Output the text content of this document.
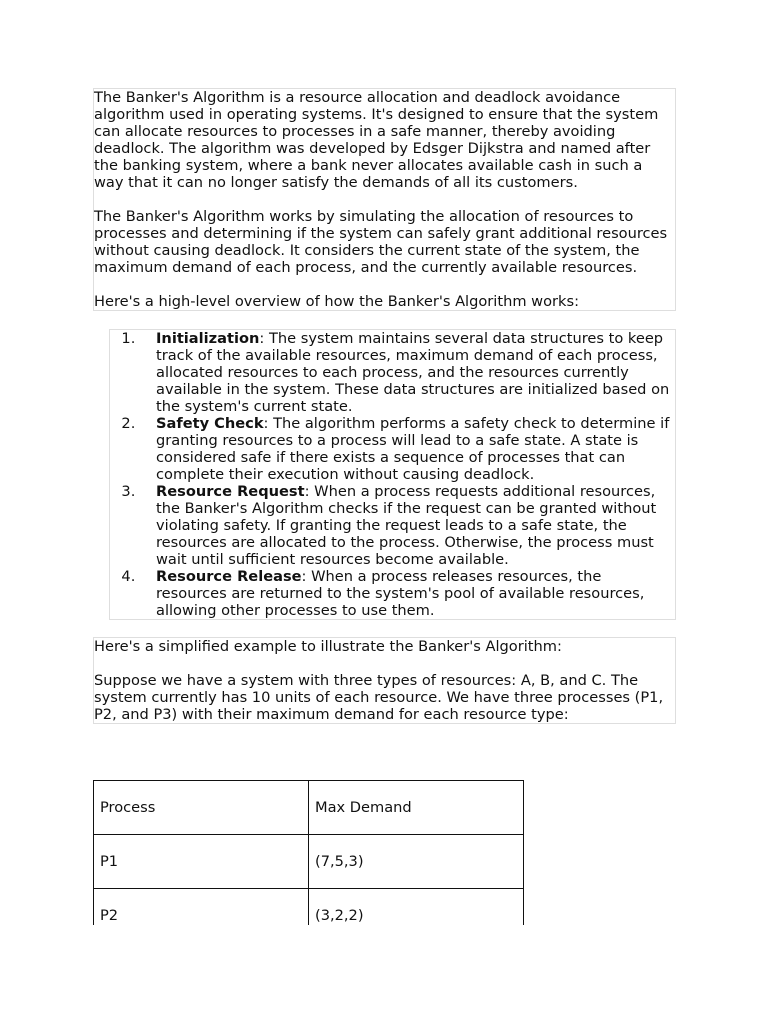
The Banker's Algorithm is a resource allocation and deadlock avoidance algorithm used in operating systems. It's designed to ensure that the system can allocate resources to processes in a safe manner, thereby avoiding deadlock. The algorithm was developed by Edsger Dijkstra and named after the banking system, where a bank never allocates available cash in such a way that it can no longer satisfy the demands of all its customers.

The Banker's Algorithm works by simulating the allocation of resources to processes and determining if the system can safely grant additional resources without causing deadlock. It considers the current state of the system, the maximum demand of each process, and the currently available resources.

Here's a high-level overview of how the Banker's Algorithm works:

1. Initialization: The system maintains several data structures to keep track of the available resources, maximum demand of each process, allocated resources to each process, and the resources currently available in the system. These data structures are initialized based on the system's current state.
2. Safety Check: The algorithm performs a safety check to determine if granting resources to a process will lead to a safe state. A state is considered safe if there exists a sequence of processes that can complete their execution without causing deadlock.
3. Resource Request: When a process requests additional resources, the Banker's Algorithm checks if the request can be granted without violating safety. If granting the request leads to a safe state, the resources are allocated to the process. Otherwise, the process must wait until sufficient resources become available.
4. Resource Release: When a process releases resources, the resources are returned to the system's pool of available resources, allowing other processes to use them.

Here's a simplified example to illustrate the Banker's Algorithm:

Suppose we have a system with three types of resources: A, B, and C. The system currently has 10 units of each resource. We have three processes (P1, P2, and P3) with their maximum demand for each resource type:

Process	Max Demand
P1	(7,5,3)
P2	(3,2,2)
